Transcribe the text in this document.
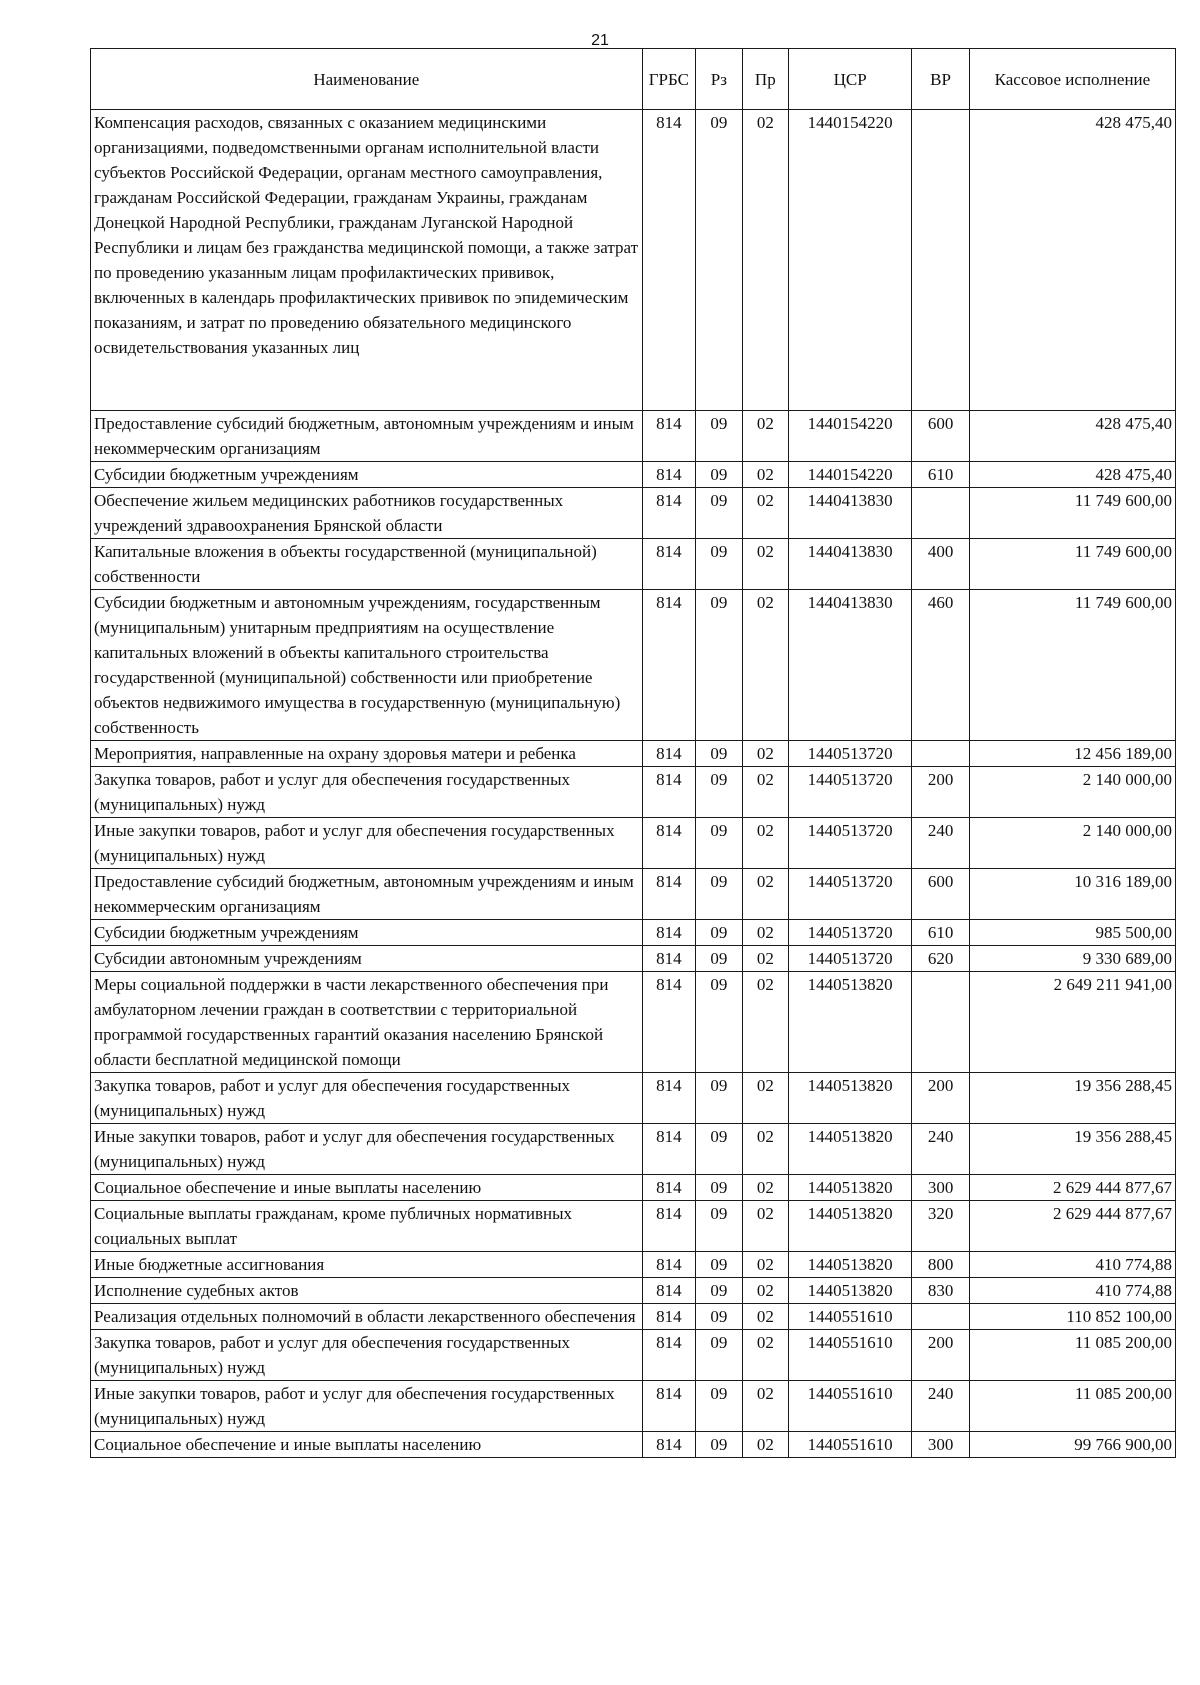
21
Наименование	ГРБС	Рз	Пр	ЦСР	ВР	Кассовое исполнение
Компенсация расходов, связанных с оказанием медицинскими организациями, подведомственными органам исполнительной власти субъектов Российской Федерации, органам местного самоуправления, гражданам Российской Федерации, гражданам Украины, гражданам Донецкой Народной Республики, гражданам Луганской Народной Республики и лицам без гражданства медицинской помощи, а также затрат по проведению указанным лицам профилактических прививок, включенных в календарь профилактических прививок по эпидемическим показаниям, и затрат по проведению обязательного медицинского освидетельствования указанных лиц	814	09	02	1440154220		428 475,40
Предоставление субсидий бюджетным, автономным учреждениям и иным некоммерческим организациям	814	09	02	1440154220	600	428 475,40
Субсидии бюджетным учреждениям	814	09	02	1440154220	610	428 475,40
Обеспечение жильем медицинских работников государственных учреждений здравоохранения Брянской области	814	09	02	1440413830		11 749 600,00
Капитальные вложения в объекты государственной (муниципальной) собственности	814	09	02	1440413830	400	11 749 600,00
Субсидии бюджетным и автономным учреждениям, государственным (муниципальным) унитарным предприятиям на осуществление капитальных вложений в объекты капитального строительства государственной (муниципальной) собственности или приобретение объектов недвижимого имущества в государственную (муниципальную) собственность	814	09	02	1440413830	460	11 749 600,00
Мероприятия, направленные на охрану здоровья матери и ребенка	814	09	02	1440513720		12 456 189,00
Закупка товаров, работ и услуг для обеспечения государственных (муниципальных) нужд	814	09	02	1440513720	200	2 140 000,00
Иные закупки товаров, работ и услуг для обеспечения государственных (муниципальных) нужд	814	09	02	1440513720	240	2 140 000,00
Предоставление субсидий бюджетным, автономным учреждениям и иным некоммерческим организациям	814	09	02	1440513720	600	10 316 189,00
Субсидии бюджетным учреждениям	814	09	02	1440513720	610	985 500,00
Субсидии автономным учреждениям	814	09	02	1440513720	620	9 330 689,00
Меры социальной поддержки в части лекарственного обеспечения при амбулаторном лечении граждан в соответствии с территориальной программой государственных гарантий оказания населению Брянской области бесплатной медицинской помощи	814	09	02	1440513820		2 649 211 941,00
Закупка товаров, работ и услуг для обеспечения государственных (муниципальных) нужд	814	09	02	1440513820	200	19 356 288,45
Иные закупки товаров, работ и услуг для обеспечения государственных (муниципальных) нужд	814	09	02	1440513820	240	19 356 288,45
Социальное обеспечение и иные выплаты населению	814	09	02	1440513820	300	2 629 444 877,67
Социальные выплаты гражданам, кроме публичных нормативных социальных выплат	814	09	02	1440513820	320	2 629 444 877,67
Иные бюджетные ассигнования	814	09	02	1440513820	800	410 774,88
Исполнение судебных актов	814	09	02	1440513820	830	410 774,88
Реализация отдельных полномочий в области лекарственного обеспечения	814	09	02	1440551610		110 852 100,00
Закупка товаров, работ и услуг для обеспечения государственных (муниципальных) нужд	814	09	02	1440551610	200	11 085 200,00
Иные закупки товаров, работ и услуг для обеспечения государственных (муниципальных) нужд	814	09	02	1440551610	240	11 085 200,00
Социальное обеспечение и иные выплаты населению	814	09	02	1440551610	300	99 766 900,00
